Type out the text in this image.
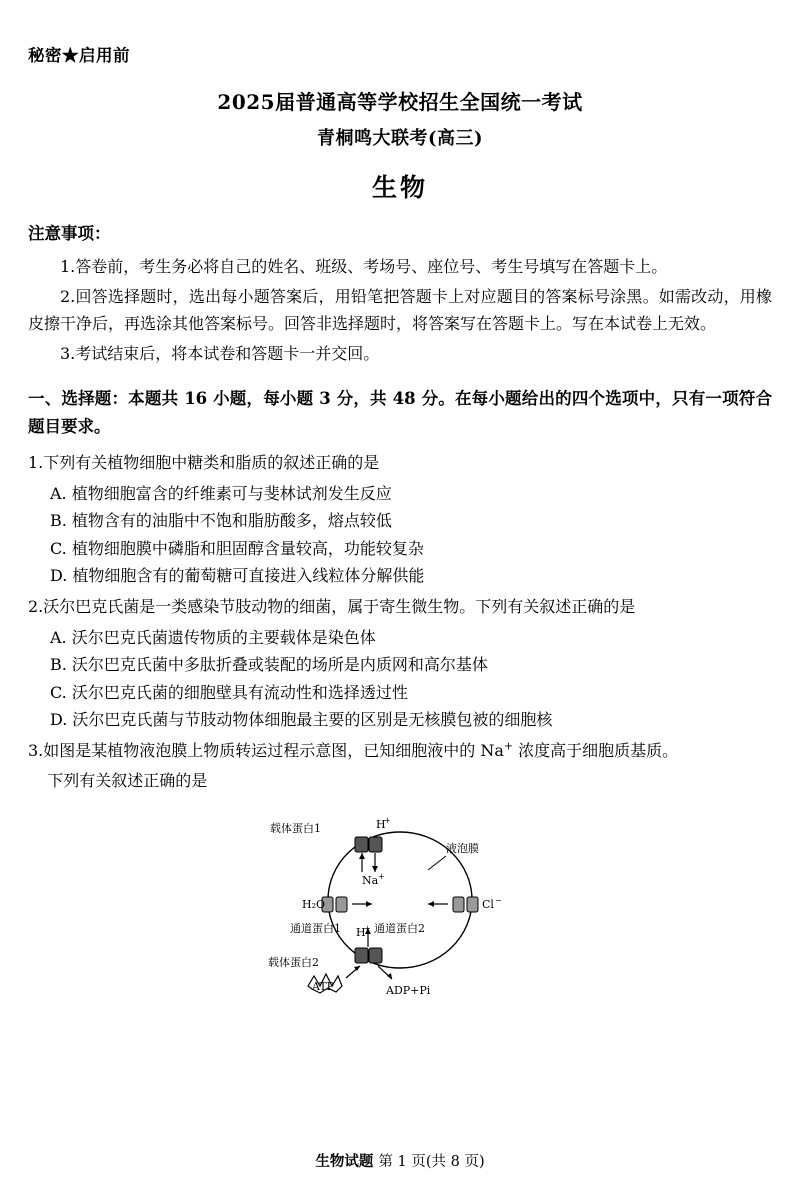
秘密★启用前
2025届普通高等学校招生全国统一考试
青桐鸣大联考(高三)
生物
注意事项：
1.答卷前，考生务必将自己的姓名、班级、考场号、座位号、考生号填写在答题卡上。
2.回答选择题时，选出每小题答案后，用铅笔把答题卡上对应题目的答案标号涂黑。如需改动，用橡皮擦干净后，再选涂其他答案标号。回答非选择题时，将答案写在答题卡上。写在本试卷上无效。
3.考试结束后，将本试卷和答题卡一并交回。
一、选择题：本题共 16 小题，每小题 3 分，共 48 分。在每小题给出的四个选项中，只有一项符合题目要求。
1.下列有关植物细胞中糖类和脂质的叙述正确的是
A. 植物细胞富含的纤维素可与斐林试剂发生反应
B. 植物含有的油脂中不饱和脂肪酸多，熔点较低
C. 植物细胞膜中磷脂和胆固醇含量较高，功能较复杂
D. 植物细胞含有的葡萄糖可直接进入线粒体分解供能
2.沃尔巴克氏菌是一类感染节肢动物的细菌，属于寄生微生物。下列有关叙述正确的是
A. 沃尔巴克氏菌遗传物质的主要载体是染色体
B. 沃尔巴克氏菌中多肽折叠或装配的场所是内质网和高尔基体
C. 沃尔巴克氏菌的细胞壁具有流动性和选择透过性
D. 沃尔巴克氏菌与节肢动物体细胞最主要的区别是无核膜包被的细胞核
3.如图是某植物液泡膜上物质转运过程示意图，已知细胞液中的 Na+ 浓度高于细胞质基质。
下列有关叙述正确的是
载体蛋白1	H
+
液泡膜
Na +
H₂O	Cl −
通道蛋白1 H
+ 通道蛋白2
载体蛋白2
ATP	ADP+Pi
生物试题 第 1 页(共 8 页)
